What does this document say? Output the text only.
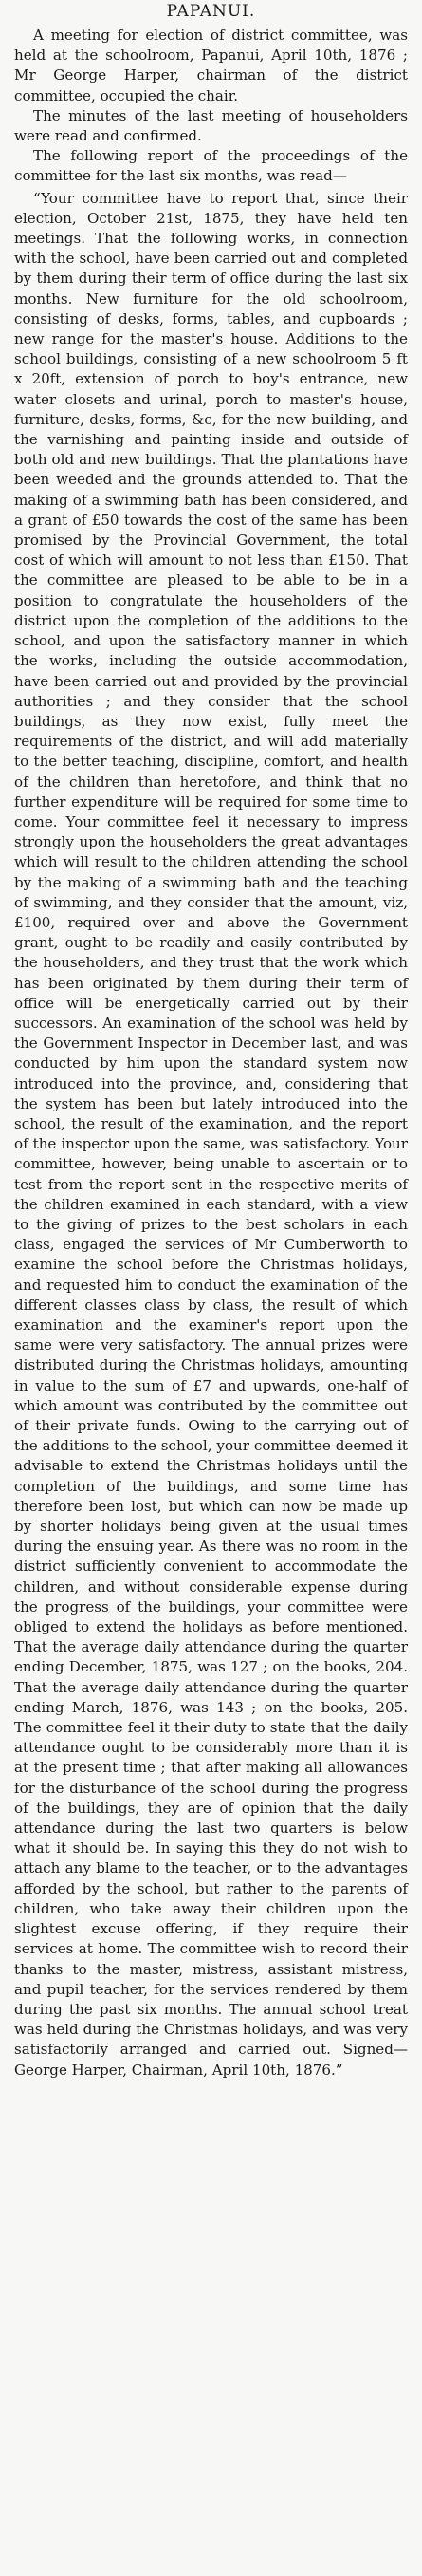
PAPANUI.

A meeting for election of district committee, was held at the schoolroom, Papanui, April 10th, 1876 ; Mr George Harper, chairman of the district committee, occupied the chair.

The minutes of the last meeting of householders were read and confirmed.

The following report of the proceedings of the committee for the last six months, was read—

“Your committee have to report that, since their election, October 21st, 1875, they have held ten meetings. That the following works, in connection with the school, have been carried out and completed by them during their term of office during the last six months. New furniture for the old schoolroom, consisting of desks, forms, tables, and cupboards ; new range for the master's house. Additions to the school buildings, consisting of a new schoolroom 5 ft x 20ft, extension of porch to boy's entrance, new water closets and urinal, porch to master's house, furniture, desks, forms, &c, for the new building, and the varnishing and painting inside and outside of both old and new buildings. That the plantations have been weeded and the grounds attended to. That the making of a swimming bath has been considered, and a grant of £50 towards the cost of the same has been promised by the Provincial Government, the total cost of which will amount to not less than £150. That the committee are pleased to be able to be in a position to congratulate the householders of the district upon the completion of the additions to the school, and upon the satisfactory manner in which the works, including the outside accommodation, have been carried out and provided by the provincial authorities ; and they consider that the school buildings, as they now exist, fully meet the requirements of the district, and will add materially to the better teaching, discipline, comfort, and health of the children than heretofore, and think that no further expenditure will be required for some time to come. Your committee feel it necessary to impress strongly upon the householders the great advantages which will result to the children attending the school by the making of a swimming bath and the teaching of swimming, and they consider that the amount, viz, £100, required over and above the Government grant, ought to be readily and easily contributed by the householders, and they trust that the work which has been originated by them during their term of office will be energetically carried out by their successors. An examination of the school was held by the Government Inspector in December last, and was conducted by him upon the standard system now introduced into the province, and, considering that the system has been but lately introduced into the school, the result of the examination, and the report of the inspector upon the same, was satisfactory. Your committee, however, being unable to ascertain or to test from the report sent in the respective merits of the children examined in each standard, with a view to the giving of prizes to the best scholars in each class, engaged the services of Mr Cumberworth to examine the school before the Christmas holidays, and requested him to conduct the examination of the different classes class by class, the result of which examination and the examiner's report upon the same were very satisfactory. The annual prizes were distributed during the Christmas holidays, amounting in value to the sum of £7 and upwards, one-half of which amount was contributed by the committee out of their private funds. Owing to the carrying out of the additions to the school, your committee deemed it advisable to extend the Christmas holidays until the completion of the buildings, and some time has therefore been lost, but which can now be made up by shorter holidays being given at the usual times during the ensuing year. As there was no room in the district sufficiently convenient to accommodate the children, and without considerable expense during the progress of the buildings, your committee were obliged to extend the holidays as before mentioned. That the average daily attendance during the quarter ending December, 1875, was 127 ; on the books, 204. That the average daily attendance during the quarter ending March, 1876, was 143 ; on the books, 205. The committee feel it their duty to state that the daily attendance ought to be considerably more than it is at the present time ; that after making all allowances for the disturbance of the school during the progress of the buildings, they are of opinion that the daily attendance during the last two quarters is below what it should be. In saying this they do not wish to attach any blame to the teacher, or to the advantages afforded by the school, but rather to the parents of children, who take away their children upon the slightest excuse offering, if they require their services at home. The committee wish to record their thanks to the master, mistress, assistant mistress, and pupil teacher, for the services rendered by them during the past six months. The annual school treat was held during the Christmas holidays, and was very satisfactorily arranged and carried out. Signed—George Harper, Chairman, April 10th, 1876.”
